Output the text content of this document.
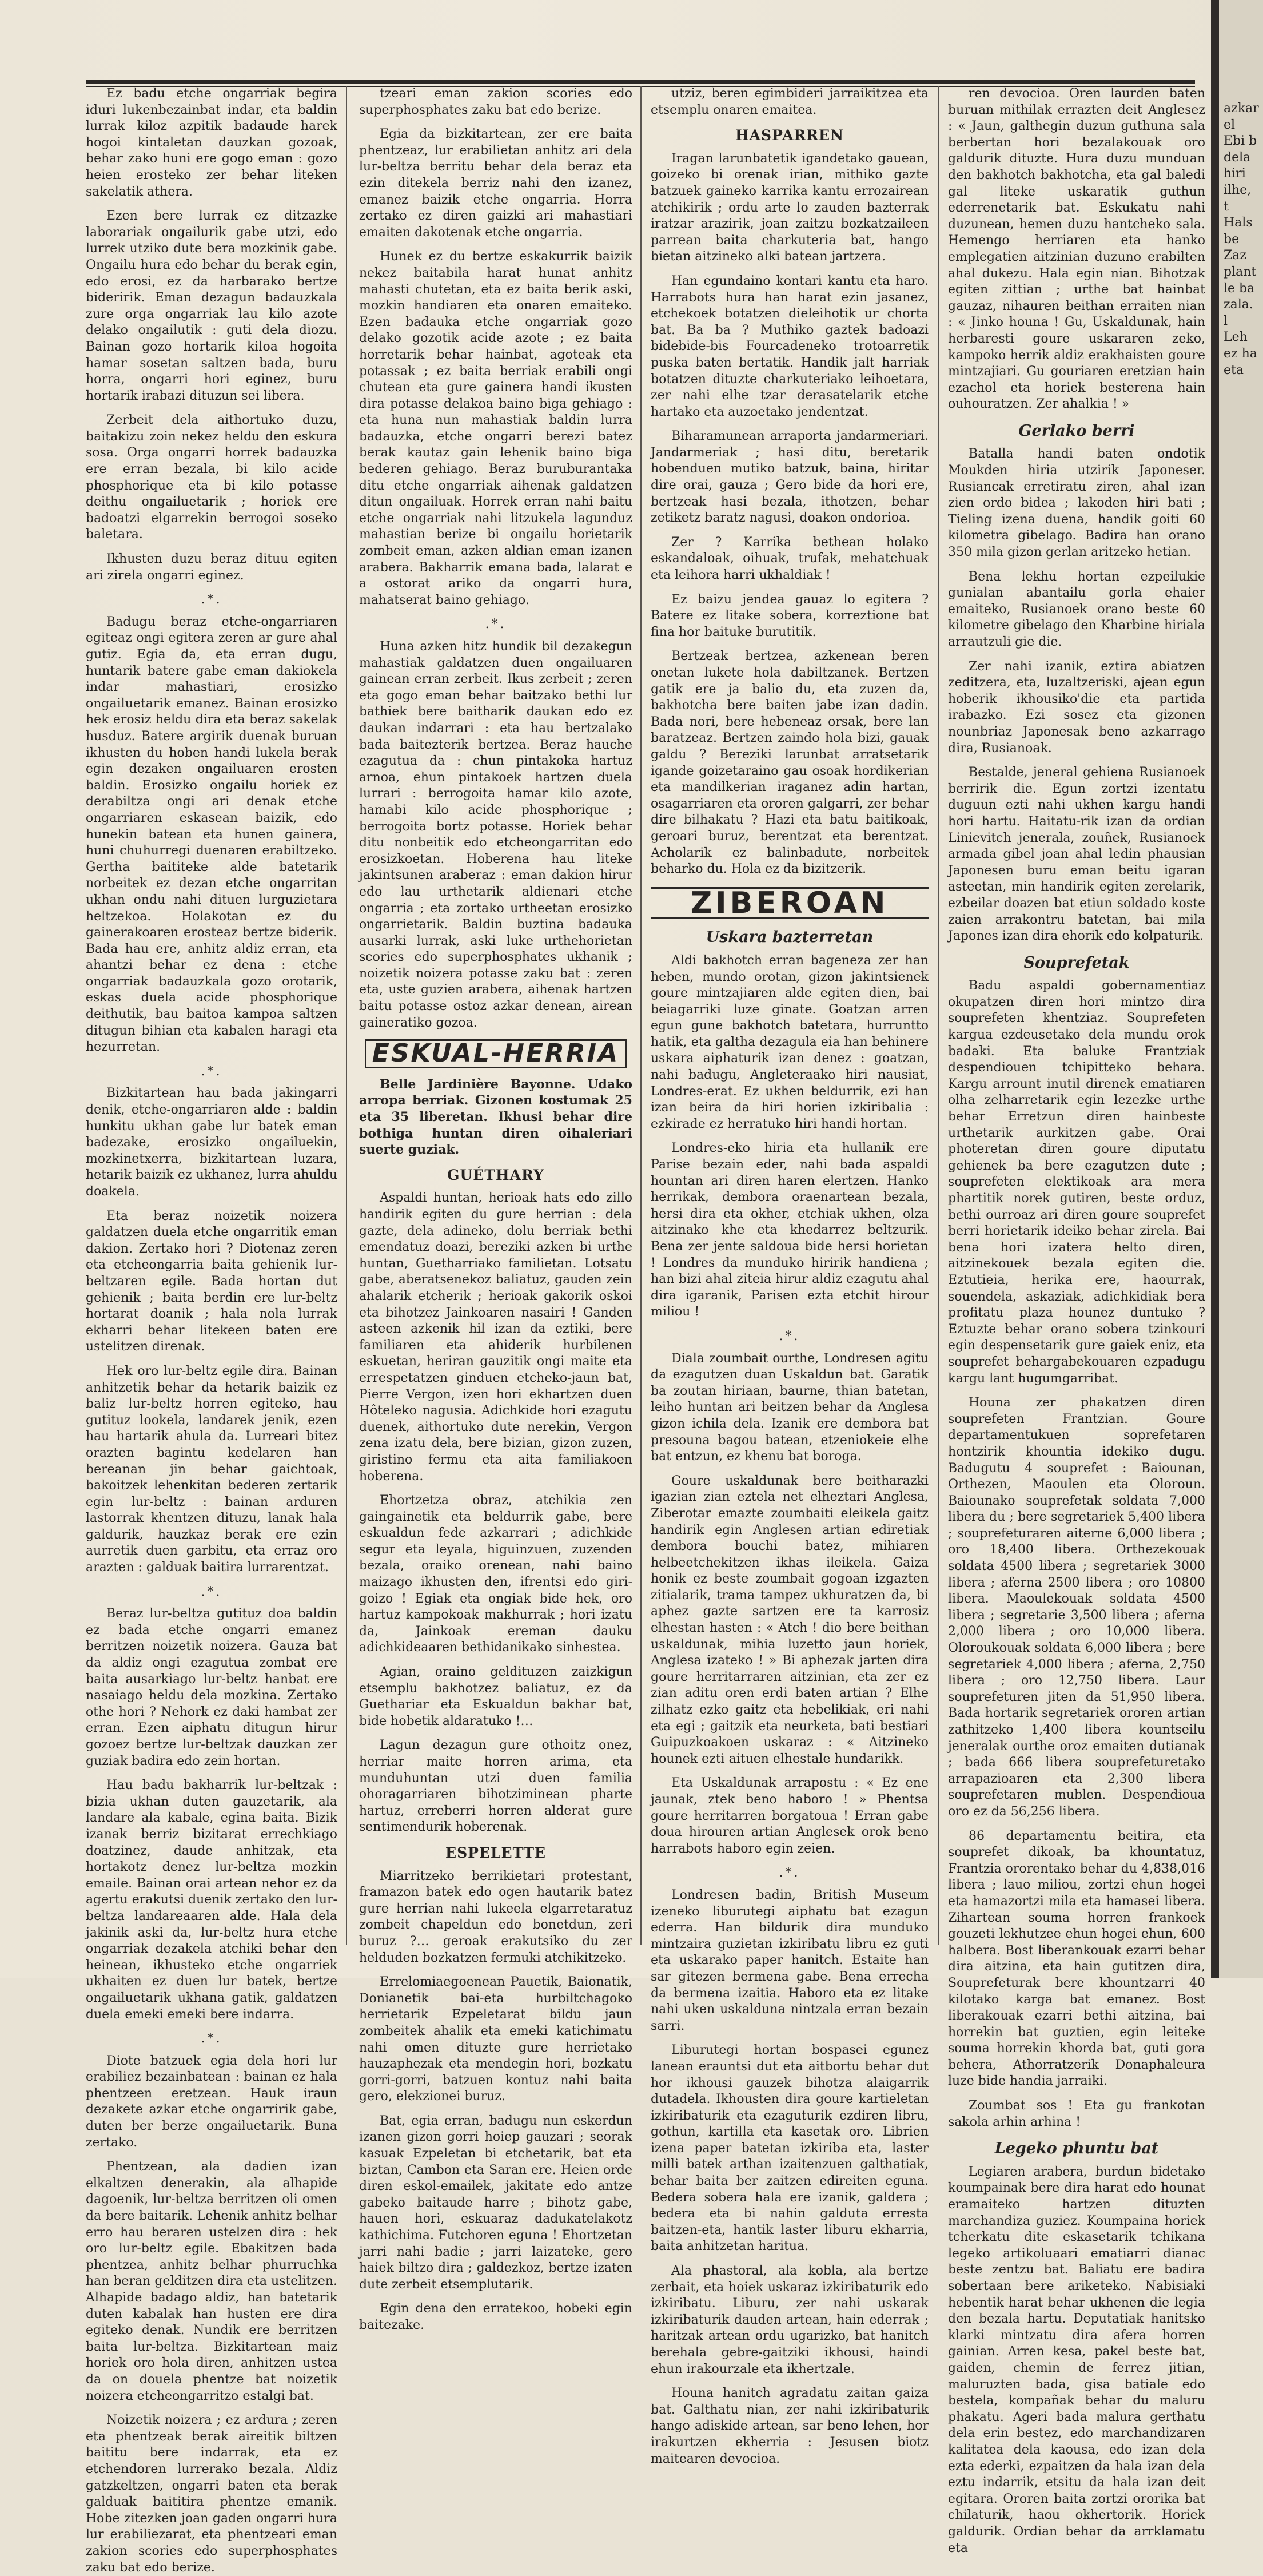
Ez badu etche ongarriak begira iduri lukenbezainbat indar, eta baldin lurrak kiloz azpitik badaude harek hogoi kintaletan dauzkan gozoak, behar zako huni ere gogo eman : gozo heien erosteko zer behar liteken sakelatik athera.

Ezen bere lurrak ez ditzazke laborariak ongailurik gabe utzi, edo lurrek utziko dute bera mozkinik gabe. Ongailu hura edo behar du berak egin, edo erosi, ez da harbarako bertze bideririk. Eman dezagun badauzkala zure orga ongarriak lau kilo azote delako ongailutik : guti dela diozu. Bainan gozo hortarik kiloa hogoita hamar sosetan saltzen bada, buru horra, ongarri hori eginez, buru hortarik irabazi dituzun sei libera.

Zerbeit dela aithortuko duzu, baitakizu zoin nekez heldu den eskura sosa. Orga ongarri horrek badauzka ere erran bezala, bi kilo acide phosphorique eta bi kilo potasse deithu ongailuetarik ; horiek ere badoatzi elgarrekin berrogoi soseko baletara.

Ikhusten duzu beraz dituu egiten ari zirela ongarri eginez.

.*.

Badugu beraz etche-ongarriaren egiteaz ongi egitera zeren ar gure ahal gutiz. Egia da, eta erran dugu, huntarik batere gabe eman dakiokela indar mahastiari, erosizko ongailuetarik emanez. Bainan erosizko hek erosiz heldu dira eta beraz sakelak husduz. Batere argirik duenak buruan ikhusten du hoben handi lukela berak egin dezaken ongailuaren erosten baldin. Erosizko ongailu horiek ez derabiltza ongi ari denak etche ongarriaren eskasean baizik, edo hunekin batean eta hunen gainera, huni chuhurregi duenaren erabiltzeko. Gertha baititeke alde batetarik norbeitek ez dezan etche ongarritan ukhan ondu nahi dituen lurguzietara heltzekoa. Holakotan ez du gainerakoaren erosteaz bertze biderik. Bada hau ere, anhitz aldiz erran, eta ahantzi behar ez dena : etche ongarriak badauzkala gozo orotarik, eskas duela acide phosphorique deithutik, bau baitoa kampoa saltzen ditugun bihian eta kabalen haragi eta hezurretan.

.*.

Bizkitartean hau bada jakingarri denik, etche-ongarriaren alde : baldin hunkitu ukhan gabe lur batek eman badezake, erosizko ongailuekin, mozkinetxerra, bizkitartean luzara, hetarik baizik ez ukhanez, lurra ahuldu doakela.

Eta beraz noizetik noizera galdatzen duela etche ongarritik eman dakion. Zertako hori ? Diotenaz zeren eta etcheongarria baita gehienik lur-beltzaren egile. Bada hortan dut gehienik ; baita berdin ere lur-beltz hortarat doanik ; hala nola lurrak ekharri behar litekeen baten ere ustelitzen direnak.

Hek oro lur-beltz egile dira. Bainan anhitzetik behar da hetarik baizik ez baliz lur-beltz horren egiteko, hau gutituz lookela, landarek jenik, ezen hau hartarik ahula da. Lurreari bitez orazten bagintu kedelaren han bereanan jin behar gaichtoak, bakoitzek lehenkitan bederen zertarik egin lur-beltz : bainan arduren lastorrak khentzen dituzu, lanak hala galdurik, hauzkaz berak ere ezin aurretik duen garbitu, eta erraz oro arazten : galduak baitira lurrarentzat.

.*.

Beraz lur-beltza gutituz doa baldin ez bada etche ongarri emanez berritzen noizetik noizera. Gauza bat da aldiz ongi ezagutua zombat ere baita ausarkiago lur-beltz hanbat ere nasaiago heldu dela mozkina. Zertako othe hori ? Nehork ez daki hambat zer erran. Ezen aiphatu ditugun hirur gozoez bertze lur-beltzak dauzkan zer guziak badira edo zein hortan.

Hau badu bakharrik lur-beltzak : bizia ukhan duten gauzetarik, ala landare ala kabale, egina baita. Bizik izanak berriz bizitarat errechkiago doatzinez, daude anhitzak, eta hortakotz denez lur-beltza mozkin emaile. Bainan orai artean nehor ez da agertu erakutsi duenik zertako den lur-beltza landareaaren alde. Hala dela jakinik aski da, lur-beltz hura etche ongarriak dezakela atchiki behar den heinean, ikhusteko etche ongarriek ukhaiten ez duen lur batek, bertze ongailuetarik ukhana gatik, galdatzen duela emeki emeki bere indarra.

.*.

Diote batzuek egia dela hori lur erabiliez bezainbatean : bainan ez hala phentzeen eretzean. Hauk iraun dezakete azkar etche ongarririk gabe, duten ber berze ongailuetarik. Buna zertako.

Phentzean, ala dadien izan elkaltzen denerakin, ala alhapide dagoenik, lur-beltza berritzen oli omen da bere baitarik. Lehenik anhitz belhar erro hau beraren ustelzen dira : hek oro lur-beltz egile. Ebakitzen bada phentzea, anhitz belhar phurruchka han beran gelditzen dira eta ustelitzen. Alhapide badago aldiz, han batetarik duten kabalak han husten ere dira egiteko denak. Nundik ere berritzen baita lur-beltza. Bizkitartean maiz horiek oro hola diren, anhitzen ustea da on douela phentze bat noizetik noizera etcheongarritzo estalgi bat.

Noizetik noizera ; ez ardura ; zeren eta phentzeak berak aireitik biltzen baititu bere indarrak, eta ez etchendoren lurrerako bezala. Aldiz gatzkeltzen, ongarri baten eta berak galduak baititira phentze emanik. Hobe zitezken joan gaden ongarri hura lur erabiliezarat, eta phentzeari eman zakion scories edo superphosphates zaku bat edo berize.

tzeari eman zakion scories edo superphosphates zaku bat edo berize.

Egia da bizkitartean, zer ere baita phentzeaz, lur erabilietan anhitz ari dela lur-beltza berritu behar dela beraz eta ezin ditekela berriz nahi den izanez, emanez baizik etche ongarria. Horra zertako ez diren gaizki ari mahastiari emaiten dakotenak etche ongarria.

Hunek ez du bertze eskakurrik baizik nekez baitabila harat hunat anhitz mahasti chutetan, eta ez baita berik aski, mozkin handiaren eta onaren emaiteko. Ezen badauka etche ongarriak gozo delako gozotik acide azote ; ez baita horretarik behar hainbat, agoteak eta potassak ; ez baita berriak erabili ongi chutean eta gure gainera handi ikusten dira potasse delakoa baino biga gehiago : eta huna nun mahastiak baldin lurra badauzka, etche ongarri berezi batez berak kautaz gain lehenik baino biga bederen gehiago. Beraz buruburantaka ditu etche ongarriak aihenak galdatzen ditun ongailuak. Horrek erran nahi baitu etche ongarriak nahi litzukela lagunduz mahastian berize bi ongailu horietarik zombeit eman, azken aldian eman izanen arabera. Bakharrik emana bada, lalarat e a ostorat ariko da ongarri hura, mahatserat baino gehiago.

.*.

Huna azken hitz hundik bil dezakegun mahastiak galdatzen duen ongailuaren gainean erran zerbeit. Ikus zerbeit ; zeren eta gogo eman behar baitzako bethi lur bathiek bere baitharik daukan edo ez daukan indarrari : eta hau bertzalako bada baitezterik bertzea. Beraz hauche ezagutua da : chun pintakoka hartuz arnoa, ehun pintakoek hartzen duela lurrari : berrogoita hamar kilo azote, hamabi kilo acide phosphorique ; berrogoita bortz potasse. Horiek behar ditu nonbeitik edo etcheongarritan edo erosizkoetan. Hoberena hau liteke jakintsunen araberaz : eman dakion hirur edo lau urthetarik aldienari etche ongarria ; eta zortako urtheetan erosizko ongarrietarik. Baldin buztina badauka ausarki lurrak, aski luke urthehorietan scories edo superphosphates ukhanik ; noizetik noizera potasse zaku bat : zeren eta, uste guzien arabera, aihenak hartzen baitu potasse ostoz azkar denean, airean gaineratiko gozoa.

ESKUAL-HERRIA

Belle Jardinière Bayonne. Udako arropa berriak. Gizonen kostumak 25 eta 35 liberetan. Ikhusi behar dire bothiga huntan diren oihaleriari suerte guziak.

GUÉTHARY

Aspaldi huntan, herioak hats edo zillo handirik egiten du gure herrian : dela gazte, dela adineko, dolu berriak bethi emendatuz doazi, bereziki azken bi urthe huntan, Guetharriako familietan. Lotsatu gabe, aberatsenekoz baliatuz, gauden zein ahalarik etcherik ; herioak gakorik oskoi eta bihotzez Jainkoaren nasairi ! Ganden asteen azkenik hil izan da eztiki, bere familiaren eta ahiderik hurbilenen eskuetan, heriran gauzitik ongi maite eta errespetatzen ginduen etcheko-jaun bat, Pierre Vergon, izen hori ekhartzen duen Hôteleko nagusia. Adichkide hori ezagutu duenek, aithortuko dute nerekin, Vergon zena izatu dela, bere bizian, gizon zuzen, giristino fermu eta aita familiakoen hoberena.

Ehortzetza obraz, atchikia zen gaingainetik eta beldurrik gabe, bere eskualdun fede azkarrari ; adichkide segur eta leyala, higuinzuen, zuzenden bezala, oraiko orenean, nahi baino maizago ikhusten den, ifrentsi edo giri-goizo ! Egiak eta ongiak bide hek, oro hartuz kampokoak makhurrak ; hori izatu da, Jainkoak ereman dauku adichkideaaren bethidanikako sinhestea.

Agian, oraino geldituzen zaizkigun etsemplu bakhotzez baliatuz, ez da Guethariar eta Eskualdun bakhar bat, bide hobetik aldaratuko !…

Lagun dezagun gure othoitz onez, herriar maite horren arima, eta munduhuntan utzi duen familia ohoragarriaren bihotziminean pharte hartuz, erreberri horren alderat gure sentimendurik hoberenak.

ESPELETTE

Miarritzeko berrikietari protestant, framazon batek edo ogen hautarik batez gure herrian nahi lukeela elgarretaratuz zombeit chapeldun edo bonetdun, zeri buruz ?… geroak erakutsiko du zer helduden bozkatzen fermuki atchikitzeko.

Errelomiaegoenean Pauetik, Baionatik, Donianetik bai-eta hurbiltchagoko herrietarik Ezpeletarat bildu jaun zombeitek ahalik eta emeki katichimatu nahi omen dituzte gure herrietako hauzaphezak eta mendegin hori, bozkatu gorri-gorri, batzuen kontuz nahi baita gero, elekzionei buruz.

Bat, egia erran, badugu nun eskerdun izanen gizon gorri hoiep gauzari ; seorak kasuak Ezpeletan bi etchetarik, bat eta biztan, Cambon eta Saran ere. Heien orde diren eskol-emailek, jakitate edo antze gabeko baitaude harre ; bihotz gabe, hauen hori, eskuaraz dadukatelakotz kathichima. Futchoren eguna ! Ehortzetan jarri nahi badie ; jarri laizateke, gero haiek biltzo dira ; galdezkoz, bertze izaten dute zerbeit etsemplutarik.

Egin dena den erratekoo, hobeki egin baitezake.

utziz, beren egimbideri jarraikitzea eta etsemplu onaren emaitea.

HASPARREN

Iragan larunbatetik igandetako gauean, goizeko bi orenak irian, mithiko gazte batzuek gaineko karrika kantu errozairean atchikirik ; ordu arte lo zauden bazterrak iratzar arazirik, joan zaitzu bozkatzaileen parrean baita charkuteria bat, hango bietan aitzineko alki batean jartzera.

Han egundaino kontari kantu eta haro. Harrabots hura han harat ezin jasanez, etchekoek botatzen dieleihotik ur chorta bat. Ba ba ? Muthiko gaztek badoazi bidebide-bis Fourcadeneko trotoarretik puska baten bertatik. Handik jalt harriak botatzen dituzte charkuteriako leihoetara, zer nahi elhe tzar derasatelarik etche hartako eta auzoetako jendentzat.

Biharamunean arraporta jandarmeriari. Jandarmeriak ; hasi ditu, beretarik hobenduen mutiko batzuk, baina, hiritar dire orai, gauza ; Gero bide da hori ere, bertzeak hasi bezala, ithotzen, behar zetiketz baratz nagusi, doakon ondorioa.

Zer ? Karrika bethean holako eskandaloak, oihuak, trufak, mehatchuak eta leihora harri ukhaldiak !

Ez baizu jendea gauaz lo egitera ? Batere ez litake sobera, korreztione bat fina hor baituke burutitik.

Bertzeak bertzea, azkenean beren onetan lukete hola dabiltzanek. Bertzen gatik ere ja balio du, eta zuzen da, bakhotcha bere baiten jabe izan dadin. Bada nori, bere hebeneaz orsak, bere lan baratzeaz. Bertzen zaindo hola bizi, gauak galdu ? Bereziki larunbat arratsetarik igande goizetaraino gau osoak hordikerian eta mandilkerian iraganez adin hartan, osagarriaren eta ororen galgarri, zer behar dire bilhakatu ? Hazi eta batu baitikoak, geroari buruz, berentzat eta berentzat. Acholarik ez balinbadute, norbeitek beharko du. Hola ez da bizitzerik.

ZIBEROAN
Uskara bazterretan

Aldi bakhotch erran bageneza zer han heben, mundo orotan, gizon jakintsienek goure mintzajiaren alde egiten dien, bai beiagarriki luze ginate. Goatzan arren egun gune bakhotch batetara, hurruntto hatik, eta galtha dezagula eia han behinere uskara aiphaturik izan denez : goatzan, nahi badugu, Angleteraako hiri nausiat, Londres-erat. Ez ukhen beldurrik, ezi han izan beira da hiri horien izkiribalia : ezkirade ez herratuko hiri handi hortan.

Londres-eko hiria eta hullanik ere Parise bezain eder, nahi bada aspaldi hountan ari diren haren elertzen. Hanko herrikak, dembora oraenartean bezala, hersi dira eta okher, etchiak ukhen, olza aitzinako khe eta khedarrez beltzurik. Bena zer jente saldoua bide hersi horietan ! Londres da munduko hiririk handiena ; han bizi ahal ziteia hirur aldiz ezagutu ahal dira igaranik, Parisen ezta etchit hirour miliou !

.*.

Diala zoumbait ourthe, Londresen agitu da ezagutzen duan Uskaldun bat. Garatik ba zoutan hiriaan, baurne, thian batetan, leiho huntan ari beitzen behar da Anglesa gizon ichila dela. Izanik ere dembora bat presouna bagou batean, etzeniokeie elhe bat entzun, ez khenu bat boroga.

Goure uskaldunak bere beitharazki igazian zian eztela net elheztari Anglesa, Ziberotar emazte zoumbaiti eleikela gaitz handirik egin Anglesen artian ediretiak dembora bouchi batez, mihiaren helbeetchekitzen ikhas ileikela. Gaiza honik ez beste zoumbait gogoan izgazten zitialarik, trama tampez ukhuratzen da, bi aphez gazte sartzen ere ta karrosiz elhestan hasten : « Atch ! dio bere beithan uskaldunak, mihia luzetto jaun horiek, Anglesa izateko ! » Bi aphezak jarten dira goure herritarraren aitzinian, eta zer ez zian aditu oren erdi baten artian ? Elhe zilhatz ezko gaitz eta hebelikiak, eri nahi eta egi ; gaitzik eta neurketa, bati bestiari Guipuzkoakoen uskaraz : « Aitzineko hounek ezti aituen elhestale hundarikk.

Eta Uskaldunak arrapostu : « Ez ene jaunak, ztek beno haboro ! » Phentsa goure herritarren borgatoua ! Erran gabe doua hirouren artian Anglesek orok beno harrabots haboro egin zeien.

.*.

Londresen badin, British Museum izeneko liburutegi aiphatu bat ezagun ederra. Han bildurik dira munduko mintzaira guzietan izkiribatu libru ez guti eta uskarako paper hanitch. Estaite han sar gitezen bermena gabe. Bena errecha da bermena izaitia. Haboro eta ez litake nahi uken uskalduna nintzala erran bezain sarri.

Liburutegi hortan bospasei egunez lanean erauntsi dut eta aitbortu behar dut hor ikhousi gauzek bihotza alaigarrik dutadela. Ikhousten dira goure kartieletan izkiribaturik eta ezaguturik ezdiren libru, gothun, kartilla eta kasetak oro. Librien izena paper batetan izkiriba eta, laster milli batek arthan izaitenzuen galthatiak, behar baita ber zaitzen edireiten eguna. Bedera sobera hala ere izanik, galdera ; bedera eta bi nahin galduta erresta baitzen-eta, hantik laster liburu ekharria, baita anhitzetan haritua.

Ala phastoral, ala kobla, ala bertze zerbait, eta hoiek uskaraz izkiribaturik edo izkiribatu. Liburu, zer nahi uskarak izkiribaturik dauden artean, hain ederrak ; haritzak artean ordu ugarizko, bat hanitch berehala gebre-gaitziki ikhousi, haindi ehun irakourzale eta ikhertzale.

Houna hanitch agradatu zaitan gaiza bat. Galthatu nian, zer nahi izkiribaturik hango adiskide artean, sar beno lehen, hor irakurtzen ekherria : Jesusen biotz maitearen devocioa.

ren devocioa. Oren laurden baten buruan mithilak errazten deit Anglesez : « Jaun, galthegin duzun guthuna sala berbertan hori bezalakouak oro galdurik dituzte. Hura duzu munduan den bakhotch bakhotcha, eta gal baledi gal liteke uskaratik guthun ederrenetarik bat. Eskukatu nahi duzunean, hemen duzu hantcheko sala. Hemengo herriaren eta hanko emplegatien aitzinian duzuno erabilten ahal dukezu. Hala egin nian. Bihotzak egiten zittian ; urthe bat hainbat gauzaz, nihauren beithan erraiten nian : « Jinko houna ! Gu, Uskaldunak, hain herbaresti goure uskararen zeko, kampoko herrik aldiz erakhaisten goure mintzajiari. Gu gouriaren eretzian hain ezachol eta horiek besterena hain ouhouratzen. Zer ahalkia ! »

Gerlako berri

Batalla handi baten ondotik Moukden hiria utzirik Japoneser. Rusiancak erretiratu ziren, ahal izan zien ordo bidea ; lakoden hiri bati ; Tieling izena duena, handik goiti 60 kilometra gibelago. Badira han orano 350 mila gizon gerlan aritzeko hetian.

Bena lekhu hortan ezpeilukie gunialan abantailu gorla ehaier emaiteko, Rusianoek orano beste 60 kilometre gibelago den Kharbine hiriala arrautzuli gie die.

Zer nahi izanik, eztira abiatzen zeditzera, eta, luzaltzeriski, ajean egun hoberik ikhousiko'die eta partida irabazko. Ezi sosez eta gizonen nounbriaz Japonesak beno azkarrago dira, Rusianoak.

Bestalde, jeneral gehiena Rusianoek berririk die. Egun zortzi izentatu duguun ezti nahi ukhen kargu handi hori hartu. Haitatu-rik izan da ordian Linievitch jenerala, zouñek, Rusianoek armada gibel joan ahal ledin phausian Japonesen buru eman beitu igaran asteetan, min handirik egiten zerelarik, ezbeilar doazen bat etiun soldado koste zaien arrakontru batetan, bai mila Japones izan dira ehorik edo kolpaturik.

Souprefetak

Badu aspaldi gobernamentiaz okupatzen diren hori mintzo dira souprefeten khentziaz. Souprefeten kargua ezdeusetako dela mundu orok badaki. Eta baluke Frantziak despendiouen tchipitteko behara. Kargu arrount inutil direnek ematiaren olha zelharretarik egin lezezke urthe behar Erretzun diren hainbeste urthetarik aurkitzen gabe. Orai photeretan diren goure diputatu gehienek ba bere ezagutzen dute ; souprefeten elektikoak ara mera phartitik norek gutiren, beste orduz, bethi ourroaz ari diren goure souprefet berri horietarik ideiko behar zirela. Bai bena hori izatera helto diren, aitzinekouek bezala egiten die. Eztutieia, herika ere, haourrak, souendela, askaziak, adichkidiak bera profitatu plaza hounez duntuko ? Eztuzte behar orano sobera tzinkouri egin despensetarik gure gaiek eniz, eta souprefet behargabekouaren ezpadugu kargu lant hugumgarribat.

Houna zer phakatzen diren souprefeten Frantzian. Goure departamentukuen soprefetaren hontzirik khountia idekiko dugu. Badugutu 4 souprefet : Baiounan, Orthezen, Maoulen eta Oloroun. Baiounako souprefetak soldata 7,000 libera du ; bere segretariek 5,400 libera ; souprefeturaren aiterne 6,000 libera ; oro 18,400 libera. Orthezekouak soldata 4500 libera ; segretariek 3000 libera ; aferna 2500 libera ; oro 10800 libera. Maoulekouak soldata 4500 libera ; segretarie 3,500 libera ; aferna 2,000 libera ; oro 10,000 libera. Oloroukouak soldata 6,000 libera ; bere segretariek 4,000 libera ; aferna, 2,750 libera ; oro 12,750 libera. Laur souprefeturen jiten da 51,950 libera. Bada hortarik segretariek ororen artian zathitzeko 1,400 libera kountseilu jeneralak ourthe oroz emaiten dutianak ; bada 666 libera souprefeturetako arrapazioaren eta 2,300 libera souprefetaren mublen. Despendioua oro ez da 56,256 libera.

86 departamentu beitira, eta souprefet dikoak, ba khountatuz, Frantzia ororentako behar du 4,838,016 libera ; lauo miliou, zortzi ehun hogei eta hamazortzi mila eta hamasei libera. Zihartean souma horren frankoek gouzeti lekhutzee ehun hogei ehun, 600 halbera. Bost liberankouak ezarri behar dira aitzina, eta hain gutitzen dira, Souprefeturak bere khountzarri 40 kilotako karga bat emanez. Bost liberakouak ezarri bethi aitzina, bai horrekin bat guztien, egin leiteke souma horrekin khorda bat, guti gora behera, Athorratzerik Donaphaleura luze bide handia jarraiki.

Zoumbat sos ! Eta gu frankotan sakola arhin arhina !

Legeko phuntu bat

Legiaren arabera, burdun bidetako koumpainak bere dira harat edo hounat eramaiteko hartzen dituzten marchandiza guziez. Koumpaina horiek tcherkatu dite eskasetarik tchikana legeko artikoluaari ematiarri dianac beste zentzu bat. Baliatu ere badira sobertaan bere ariketeko. Nabisiaki hebentik harat behar ukhenen die legia den bezala hartu. Deputatiak hanitsko klarki mintzatu dira afera horren gainian. Arren kesa, pakel beste bat, gaiden, chemin de ferrez jitian, maluruzten bada, gisa batiale edo bestela, kompañak behar du maluru phakatu. Ageri bada malura gerthatu dela erin bestez, edo marchandizaren kalitatea dela kaousa, edo izan dela ezta ederki, ezpaitzen da hala izan dela eztu indarrik, etsitu da hala izan deit egitara. Ororen baita zortzi ororika bat chilaturik, haou okhertorik. Horiek galdurik. Ordian behar da arrklamatu eta

azkar
el
Ebi b
dela
hiri
ilhe,
t
Hals
be
Zaz
plant
le ba
zala.
l
Leh
ez ha
eta
